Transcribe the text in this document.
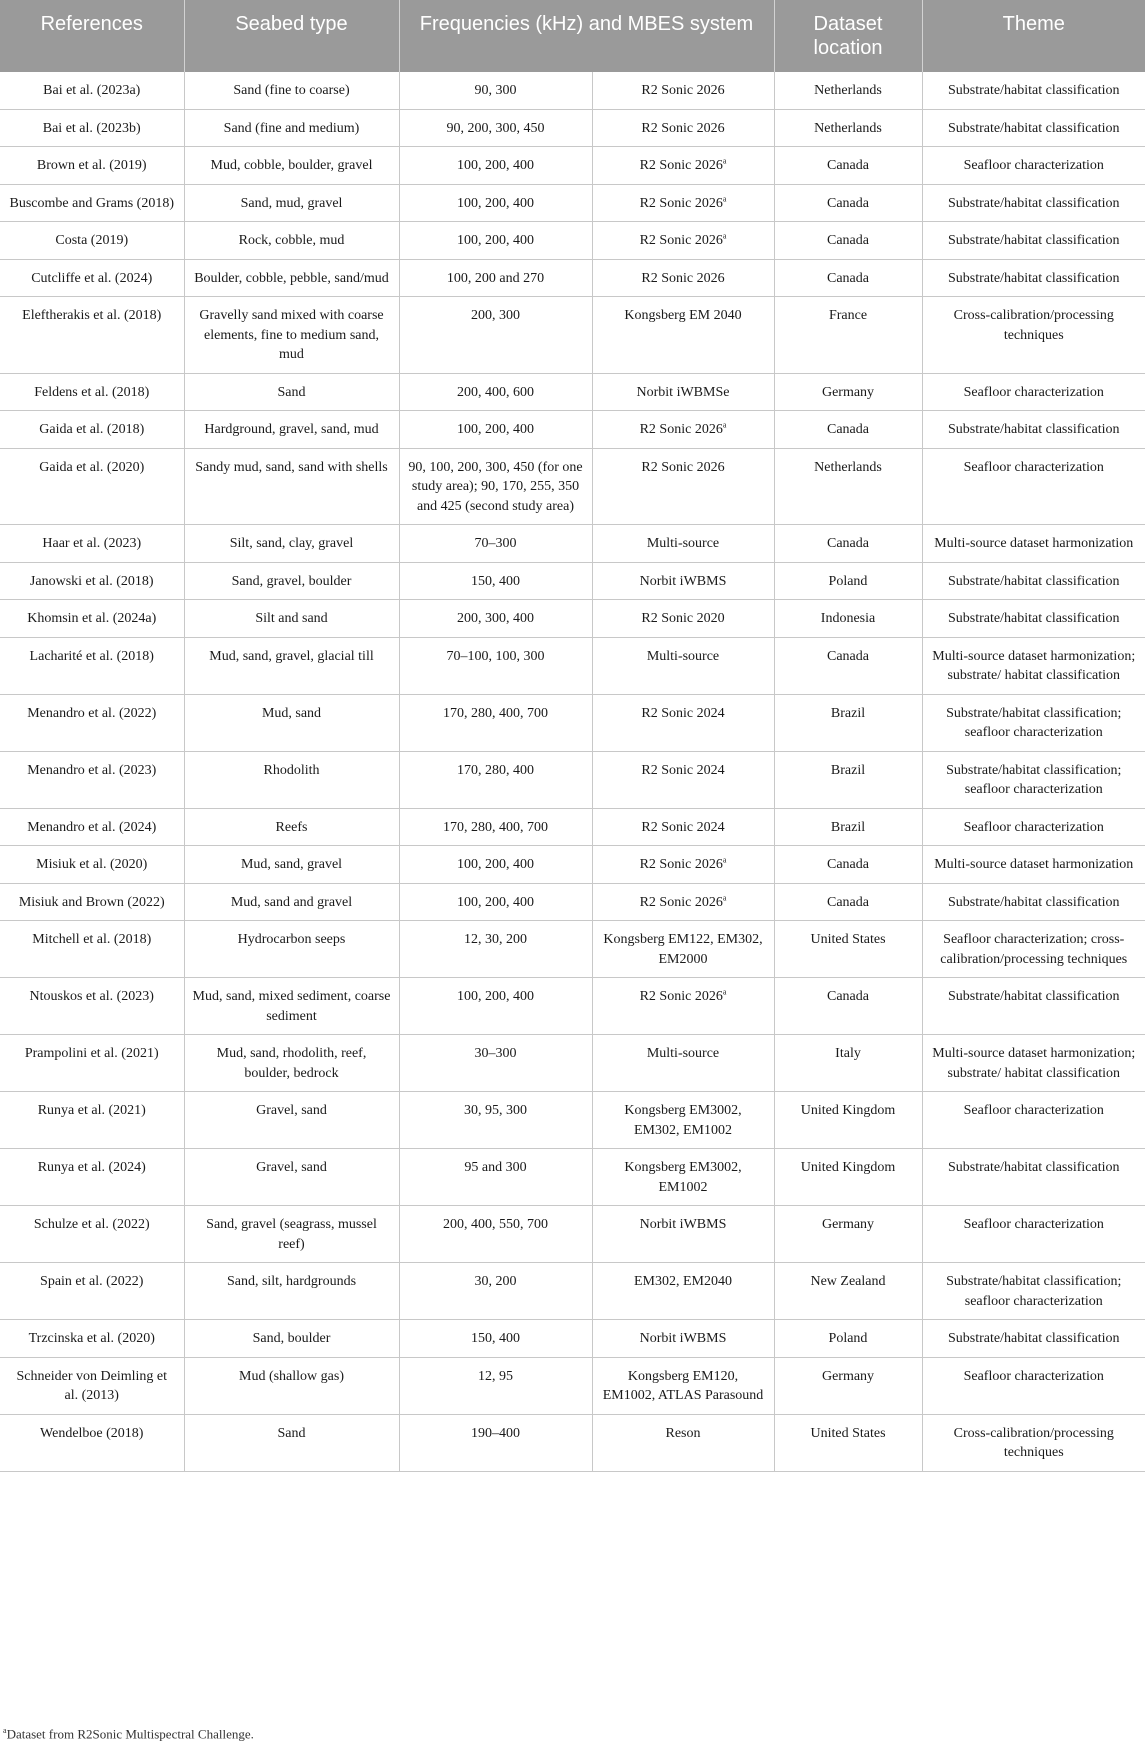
References	Seabed type	Frequencies (kHz) and MBES system		Dataset location	Theme
Bai et al. (2023a)	Sand (fine to coarse)	90, 300	R2 Sonic 2026	Netherlands	Substrate/habitat classification
Bai et al. (2023b)	Sand (fine and medium)	90, 200, 300, 450	R2 Sonic 2026	Netherlands	Substrate/habitat classification
Brown et al. (2019)	Mud, cobble, boulder, gravel	100, 200, 400	R2 Sonic 2026$^a$	Canada	Seafloor characterization
Buscombe and Grams (2018)	Sand, mud, gravel	100, 200, 400	R2 Sonic 2026$^a$	Canada	Substrate/habitat classification
Costa (2019)	Rock, cobble, mud	100, 200, 400	R2 Sonic 2026$^a$	Canada	Substrate/habitat classification
Cutcliffe et al. (2024)	Boulder, cobble, pebble, sand/mud	100, 200 and 270	R2 Sonic 2026	Canada	Substrate/habitat classification
Eleftherakis et al. (2018)	Gravelly sand mixed with coarse elements, fine to medium sand, mud	200, 300	Kongsberg EM 2040	France	Cross-calibration/processing techniques
Feldens et al. (2018)	Sand	200, 400, 600	Norbit iWBMSe	Germany	Seafloor characterization
Gaida et al. (2018)	Hardground, gravel, sand, mud	100, 200, 400	R2 Sonic 2026$^a$	Canada	Substrate/habitat classification
Gaida et al. (2020)	Sandy mud, sand, sand with shells	90, 100, 200, 300, 450 (for one study area); 90, 170, 255, 350 and 425 (second study area)	R2 Sonic 2026	Netherlands	Seafloor characterization
Haar et al. (2023)	Silt, sand, clay, gravel	70–300	Multi-source	Canada	Multi-source dataset harmonization
Janowski et al. (2018)	Sand, gravel, boulder	150, 400	Norbit iWBMS	Poland	Substrate/habitat classification
Khomsin et al. (2024a)	Silt and sand	200, 300, 400	R2 Sonic 2020	Indonesia	Substrate/habitat classification
Lacharité et al. (2018)	Mud, sand, gravel, glacial till	70–100, 100, 300	Multi-source	Canada	Multi-source dataset harmonization; substrate/ habitat classification
Menandro et al. (2022)	Mud, sand	170, 280, 400, 700	R2 Sonic 2024	Brazil	Substrate/habitat classification; seafloor characterization
Menandro et al. (2023)	Rhodolith	170, 280, 400	R2 Sonic 2024	Brazil	Substrate/habitat classification; seafloor characterization
Menandro et al. (2024)	Reefs	170, 280, 400, 700	R2 Sonic 2024	Brazil	Seafloor characterization
Misiuk et al. (2020)	Mud, sand, gravel	100, 200, 400	R2 Sonic 2026$^a$	Canada	Multi-source dataset harmonization
Misiuk and Brown (2022)	Mud, sand and gravel	100, 200, 400	R2 Sonic 2026$^a$	Canada	Substrate/habitat classification
Mitchell et al. (2018)	Hydrocarbon seeps	12, 30, 200	Kongsberg EM122, EM302, EM2000	United States	Seafloor characterization; cross-calibration/processing techniques
Ntouskos et al. (2023)	Mud, sand, mixed sediment, coarse sediment	100, 200, 400	R2 Sonic 2026$^a$	Canada	Substrate/habitat classification
Prampolini et al. (2021)	Mud, sand, rhodolith, reef, boulder, bedrock	30–300	Multi-source	Italy	Multi-source dataset harmonization; substrate/ habitat classification
Runya et al. (2021)	Gravel, sand	30, 95, 300	Kongsberg EM3002, EM302, EM1002	United Kingdom	Seafloor characterization
Runya et al. (2024)	Gravel, sand	95 and 300	Kongsberg EM3002, EM1002	United Kingdom	Substrate/habitat classification
Schulze et al. (2022)	Sand, gravel (seagrass, mussel reef)	200, 400, 550, 700	Norbit iWBMS	Germany	Seafloor characterization
Spain et al. (2022)	Sand, silt, hardgrounds	30, 200	EM302, EM2040	New Zealand	Substrate/habitat classification; seafloor characterization
Trzcinska et al. (2020)	Sand, boulder	150, 400	Norbit iWBMS	Poland	Substrate/habitat classification
Schneider von Deimling et al. (2013)	Mud (shallow gas)	12, 95	Kongsberg EM120, EM1002, ATLAS Parasound	Germany	Seafloor characterization
Wendelboe (2018)	Sand	190–400	Reson	United States	Cross-calibration/processing techniques
$^a$Dataset from R2Sonic Multispectral Challenge.
